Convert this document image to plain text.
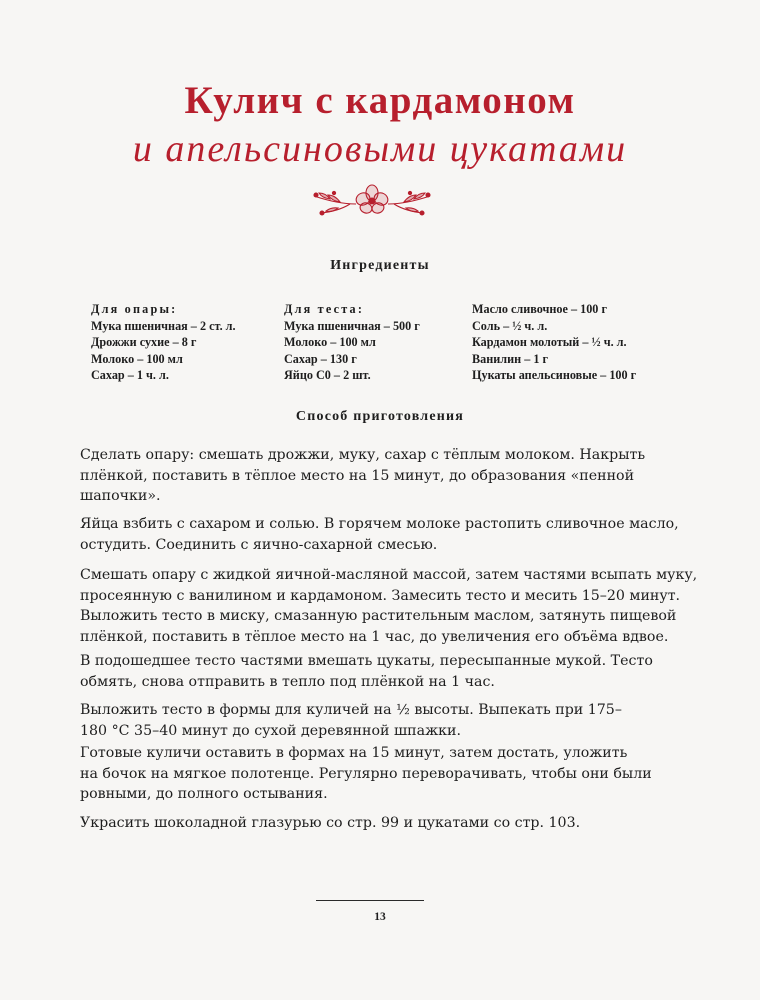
Кулич с кардамоном
и апельсиновыми цукатами
Ингредиенты
Для опары:
Мука пшеничная – 2 ст. л.
Дрожжи сухие – 8 г
Молоко – 100 мл
Сахар – 1 ч. л.
Для теста:
Мука пшеничная – 500 г
Молоко – 100 мл
Сахар – 130 г
Яйцо С0 – 2 шт.
Масло сливочное – 100 г
Соль – ½ ч. л.
Кардамон молотый – ½ ч. л.
Ванилин – 1 г
Цукаты апельсиновые – 100 г
Способ приготовления
Сделать опару: смешать дрожжи, муку, сахар с тёплым молоком. Накрыть
плёнкой, поставить в тёплое место на 15 минут, до образования «пенной
шапочки».
Яйца взбить с сахаром и солью. В горячем молоке растопить сливочное масло,
остудить. Соединить с яично-сахарной смесью.
Смешать опару с жидкой яичной-масляной массой, затем частями всыпать муку,
просеянную с ванилином и кардамоном. Замесить тесто и месить 15–20 минут.
Выложить тесто в миску, смазанную растительным маслом, затянуть пищевой
плёнкой, поставить в тёплое место на 1 час, до увеличения его объёма вдвое.
В подошедшее тесто частями вмешать цукаты, пересыпанные мукой. Тесто
обмять, снова отправить в тепло под плёнкой на 1 час.
Выложить тесто в формы для куличей на ½ высоты. Выпекать при 175–
180 °С 35–40 минут до сухой деревянной шпажки.
Готовые куличи оставить в формах на 15 минут, затем достать, уложить
на бочок на мягкое полотенце. Регулярно переворачивать, чтобы они были
ровными, до полного остывания.
Украсить шоколадной глазурью со стр. 99 и цукатами со стр. 103.
13
